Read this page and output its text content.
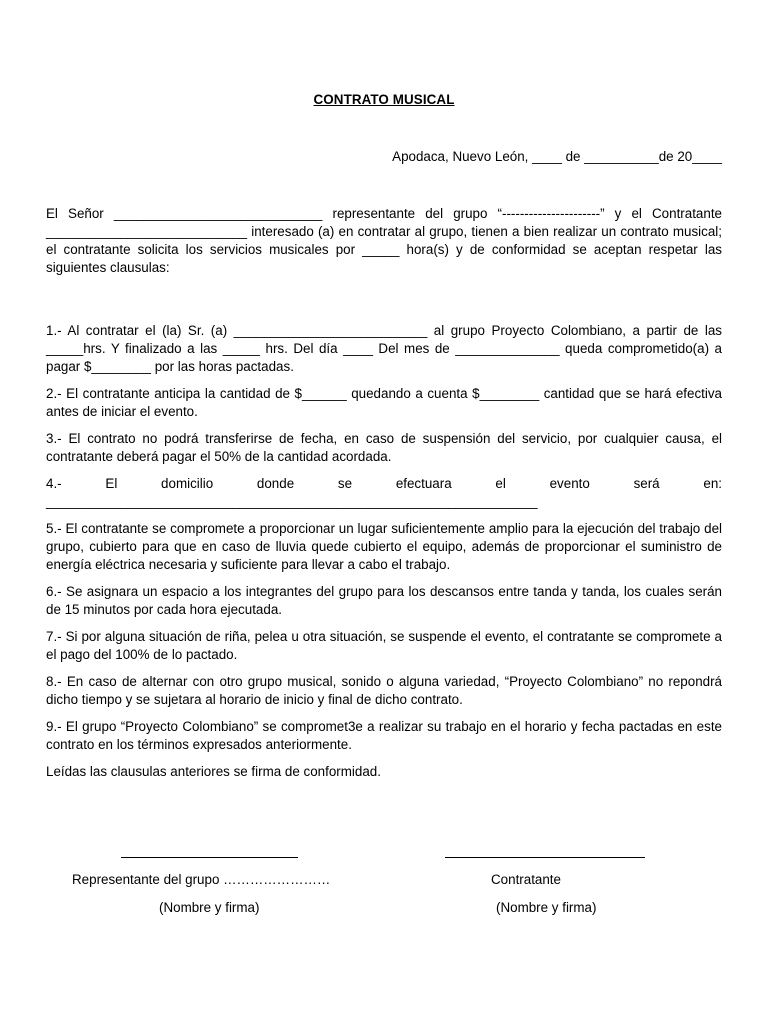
CONTRATO MUSICAL
Apodaca, Nuevo León, ____ de __________de 20____

El Señor ____________________________ representante del grupo “----------------------” y el Contratante ___________________________ interesado (a) en contratar al grupo, tienen a bien realizar un contrato musical; el contratante solicita los servicios musicales por _____ hora(s) y de conformidad se aceptan respetar las siguientes clausulas:

1.- Al contratar el (la) Sr. (a) __________________________ al grupo Proyecto Colombiano, a partir de las _____hrs. Y finalizado a las _____ hrs. Del día ____ Del mes de ______________ queda comprometido(a) a pagar $________ por las horas pactadas.

2.- El contratante anticipa la cantidad de $______ quedando a cuenta $________ cantidad que se hará efectiva antes de iniciar el evento.

3.- El contrato no podrá transferirse de fecha, en caso de suspensión del servicio, por cualquier causa, el contratante deberá pagar el 50% de la cantidad acordada.

4.- El domicilio donde se efectuara el evento será en:

__________________________________________________________________

5.- El contratante se compromete a proporcionar un lugar suficientemente amplio para la ejecución del trabajo del grupo, cubierto para que en caso de lluvia quede cubierto el equipo, además de proporcionar el suministro de energía eléctrica necesaria y suficiente para llevar a cabo el trabajo.

6.- Se asignara un espacio a los integrantes del grupo para los descansos entre tanda y tanda, los cuales serán de 15 minutos por cada hora ejecutada.

7.- Si por alguna situación de riña, pelea u otra situación, se suspende el evento, el contratante se compromete a el pago del 100% de lo pactado.

8.- En caso de alternar con otro grupo musical, sonido o alguna variedad, “Proyecto Colombiano” no repondrá dicho tiempo y se sujetara al horario de inicio y final de dicho contrato.

9.- El grupo “Proyecto Colombiano” se compromet3e a realizar su trabajo en el horario y fecha pactadas en este contrato en los términos expresados anteriormente.

Leídas las clausulas anteriores se firma de conformidad.

Representante del grupo ……………………
(Nombre y firma)
Contratante
(Nombre y firma)
